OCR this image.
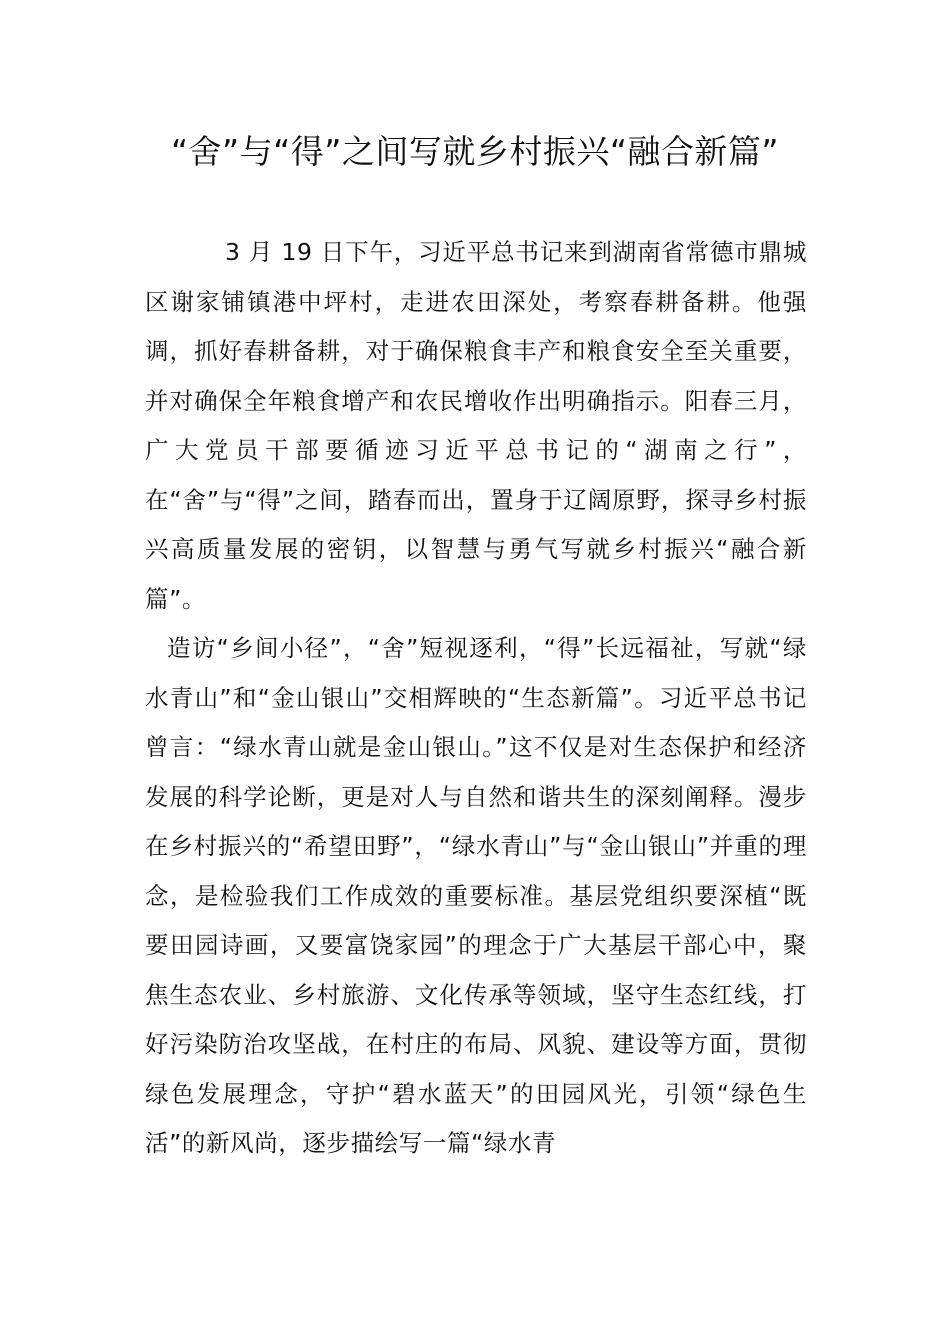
“舍”与“得”之间写就乡村振兴“融合新篇”

3 月 19 日下午，习近平总书记来到湖南省常德市鼎城区谢家铺镇港中坪村，走进农田深处，考察春耕备耕。他强调，抓好春耕备耕，对于确保粮食丰产和粮食安全至关重要，并对确保全年粮食增产和农民增收作出明确指示。阳春三月，广大党员干部要循迹习近平总书记的“湖南之行”，在“舍”与“得”之间，踏春而出，置身于辽阔原野，探寻乡村振兴高质量发展的密钥，以智慧与勇气写就乡村振兴“融合新篇”。

造访“乡间小径”，“舍”短视逐利，“得”长远福祉，写就“绿水青山”和“金山银山”交相辉映的“生态新篇”。习近平总书记曾言：“绿水青山就是金山银山。”这不仅是对生态保护和经济发展的科学论断，更是对人与自然和谐共生的深刻阐释。漫步在乡村振兴的“希望田野”，“绿水青山”与“金山银山”并重的理念，是检验我们工作成效的重要标准。基层党组织要深植“既要田园诗画，又要富饶家园”的理念于广大基层干部心中，聚焦生态农业、乡村旅游、文化传承等领域，坚守生态红线，打好污染防治攻坚战，在村庄的布局、风貌、建设等方面，贯彻绿色发展理念，守护“碧水蓝天”的田园风光，引领“绿色生活”的新风尚，逐步描绘写一篇“绿水青
